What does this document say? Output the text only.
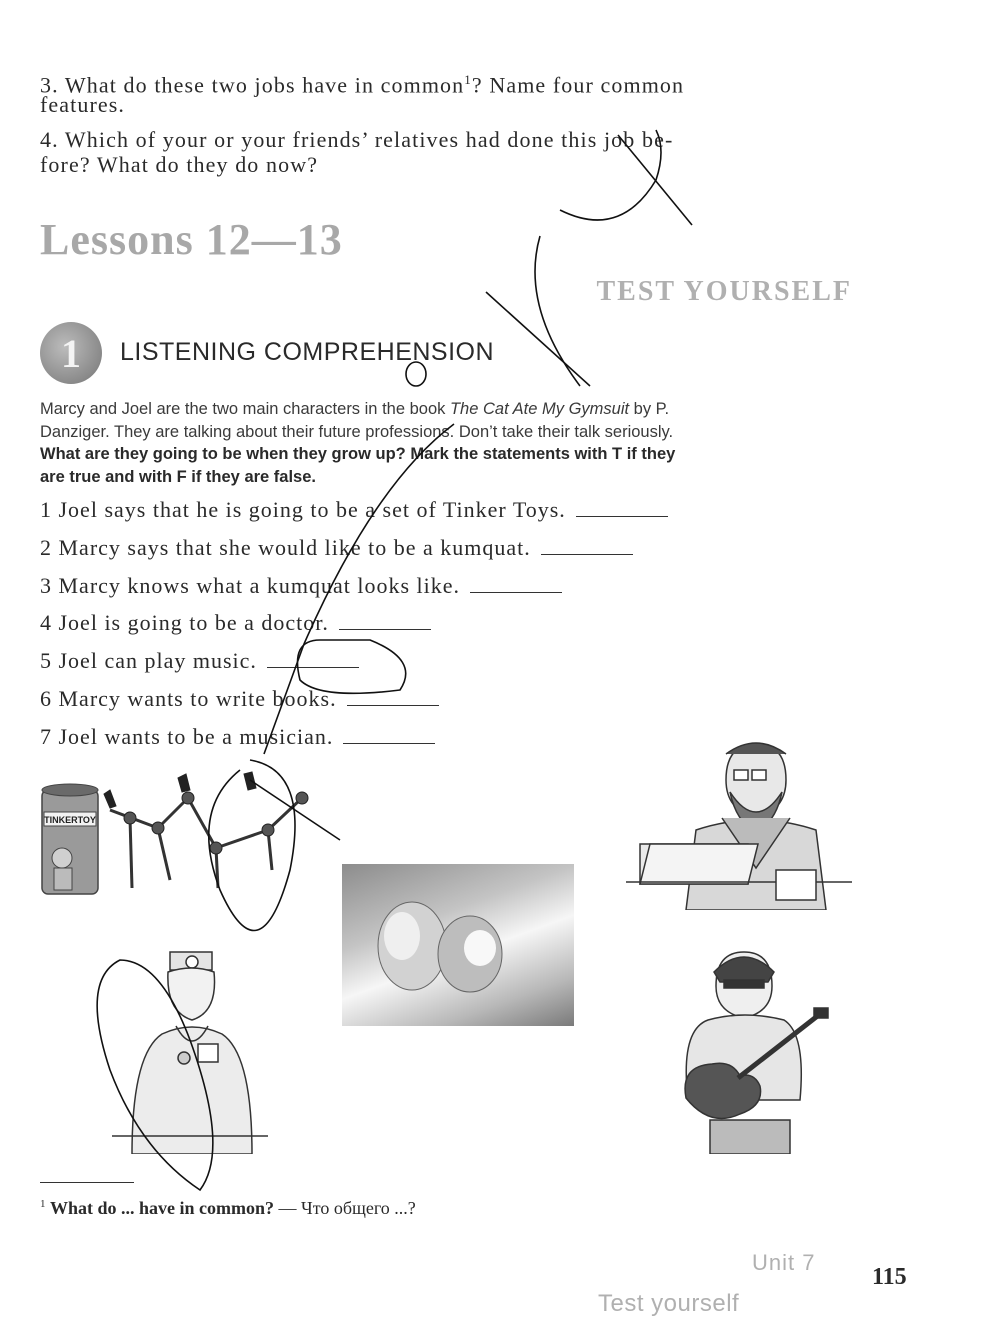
3. What do these two jobs have in common$^1$? Name four common
features.
4. Which of your or your friends’ relatives had done this job be-
fore? What do they do now?
Lessons 12—13
TEST YOURSELF
1 LISTENING COMPREHENSION
Marcy and Joel are the two main characters in the book The Cat Ate My Gymsuit by P.
Danziger. They are talking about their future professions. Don’t take their talk seriously.
What are they going to be when they grow up? Mark the statements with T if they
are true and with F if they are false.
1 Joel says that he is going to be a set of Tinker Toys.
2 Marcy says that she would like to be a kumquat.
3 Marcy knows what a kumquat looks like.
4 Joel is going to be a doctor.
5 Joel can play music.
6 Marcy wants to write books.
7 Joel wants to be a musician.
TINKERTOY
$^1$ What do ... have in common? — Что общего ...?
Unit 7
115
Test yourself
